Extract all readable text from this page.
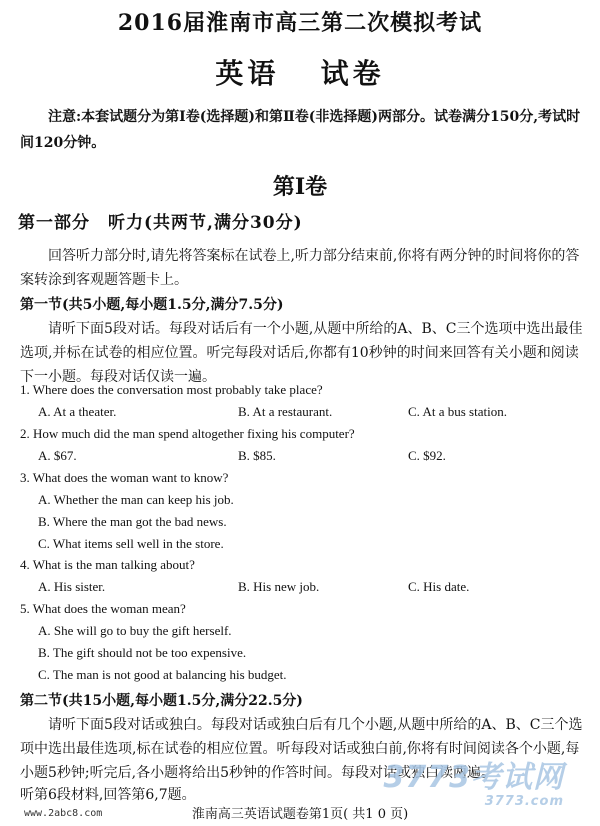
2016届淮南市高三第二次模拟考试
英语   试卷
注意:本套试题分为第Ⅰ卷(选择题)和第Ⅱ卷(非选择题)两部分。试卷满分150分,考试时间120分钟。
第Ⅰ卷
第一部分 听力(共两节,满分30分)
回答听力部分时,请先将答案标在试卷上,听力部分结束前,你将有两分钟的时间将你的答案转涂到客观题答题卡上。
第一节(共5小题,每小题1.5分,满分7.5分)
请听下面5段对话。每段对话后有一个小题,从题中所给的A、B、C三个选项中选出最佳选项,并标在试卷的相应位置。听完每段对话后,你都有10秒钟的时间来回答有关小题和阅读下一小题。每段对话仅读一遍。
1. Where does the conversation most probably take place?
A. At a theater.	B. At a restaurant.	C. At a bus station.
2. How much did the man spend altogether fixing his computer?
A. $67.	B. $85.	C. $92.
3. What does the woman want to know?
A. Whether the man can keep his job.
B. Where the man got the bad news.
C. What items sell well in the store.
4. What is the man talking about?
A. His sister.	B. His new job.	C. His date.
5. What does the woman mean?
A. She will go to buy the gift herself.
B. The gift should not be too expensive.
C. The man is not good at balancing his budget.
第二节(共15小题,每小题1.5分,满分22.5分)
请听下面5段对话或独白。每段对话或独白后有几个小题,从题中所给的A、B、C三个选项中选出最佳选项,标在试卷的相应位置。听每段对话或独白前,你将有时间阅读各个小题,每小题5秒钟;听完后,各小题将给出5秒钟的作答时间。每段对话或独白读两遍。
听第6段材料,回答第6,7题。	3773考试网
3773.com
www.2abc8.com	淮南高三英语试题卷第1页( 共1 0 页)
